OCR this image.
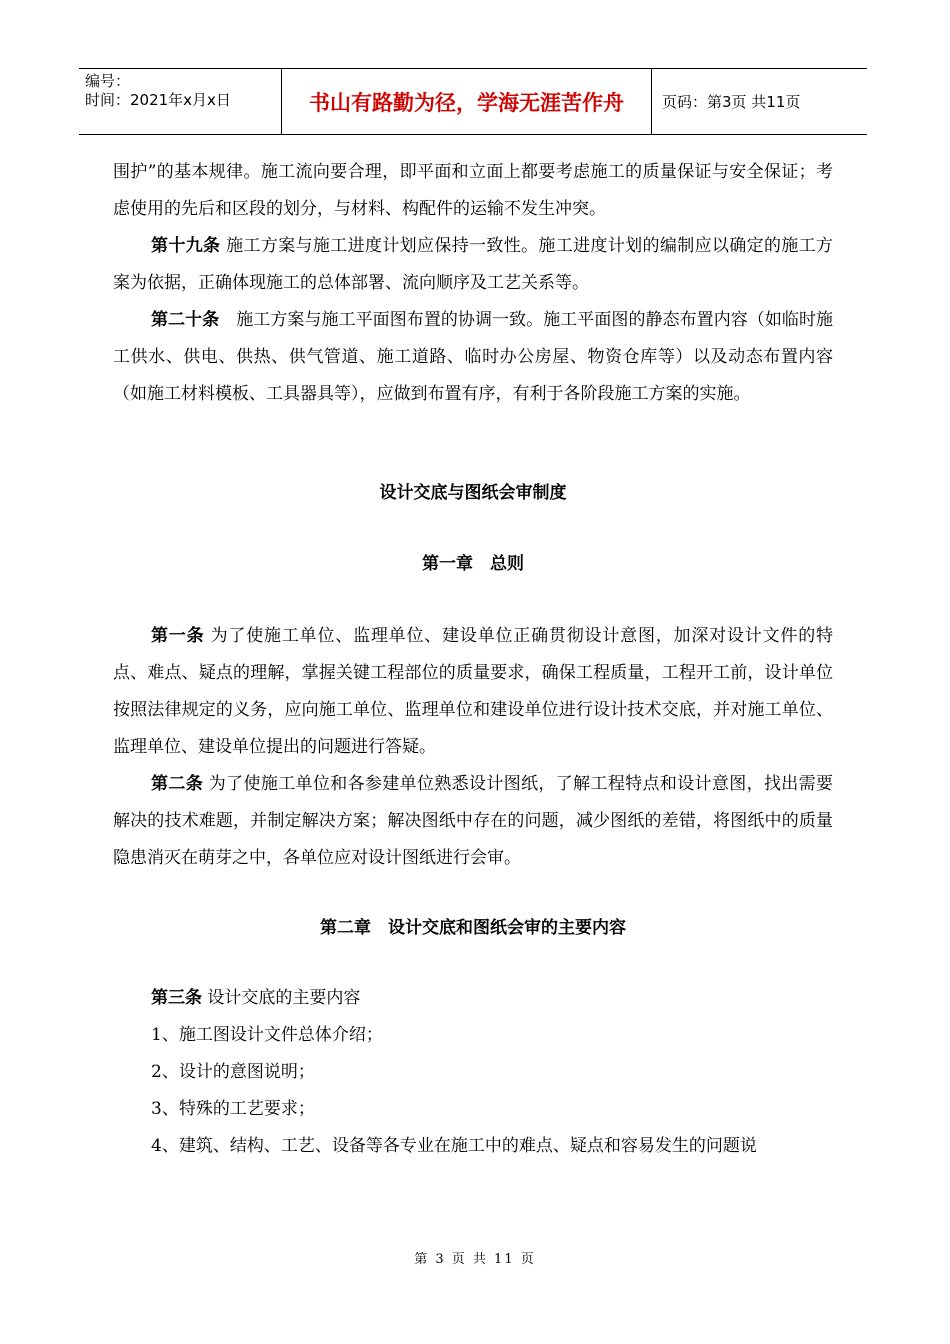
编号：
时间：2021年x月x日	书山有路勤为径，学海无涯苦作舟	页码：第3页 共11页

围护”的基本规律。施工流向要合理，即平面和立面上都要考虑施工的质量保证与安全保证；考虑使用的先后和区段的划分，与材料、构配件的运输不发生冲突。

第十九条 施工方案与施工进度计划应保持一致性。施工进度计划的编制应以确定的施工方案为依据，正确体现施工的总体部署、流向顺序及工艺关系等。

第二十条　施工方案与施工平面图布置的协调一致。施工平面图的静态布置内容（如临时施工供水、供电、供热、供气管道、施工道路、临时办公房屋、物资仓库等）以及动态布置内容（如施工材料模板、工具器具等），应做到布置有序，有利于各阶段施工方案的实施。

设计交底与图纸会审制度

第一章　总则

第一条 为了使施工单位、监理单位、建设单位正确贯彻设计意图，加深对设计文件的特点、难点、疑点的理解，掌握关键工程部位的质量要求，确保工程质量，工程开工前，设计单位按照法律规定的义务，应向施工单位、监理单位和建设单位进行设计技术交底，并对施工单位、监理单位、建设单位提出的问题进行答疑。

第二条 为了使施工单位和各参建单位熟悉设计图纸，了解工程特点和设计意图，找出需要解决的技术难题，并制定解决方案；解决图纸中存在的问题，减少图纸的差错，将图纸中的质量隐患消灭在萌芽之中，各单位应对设计图纸进行会审。

第二章　设计交底和图纸会审的主要内容

第三条 设计交底的主要内容

1、施工图设计文件总体介绍；
2、设计的意图说明；
3、特殊的工艺要求；
4、建筑、结构、工艺、设备等各专业在施工中的难点、疑点和容易发生的问题说
第 3 页 共 11 页
